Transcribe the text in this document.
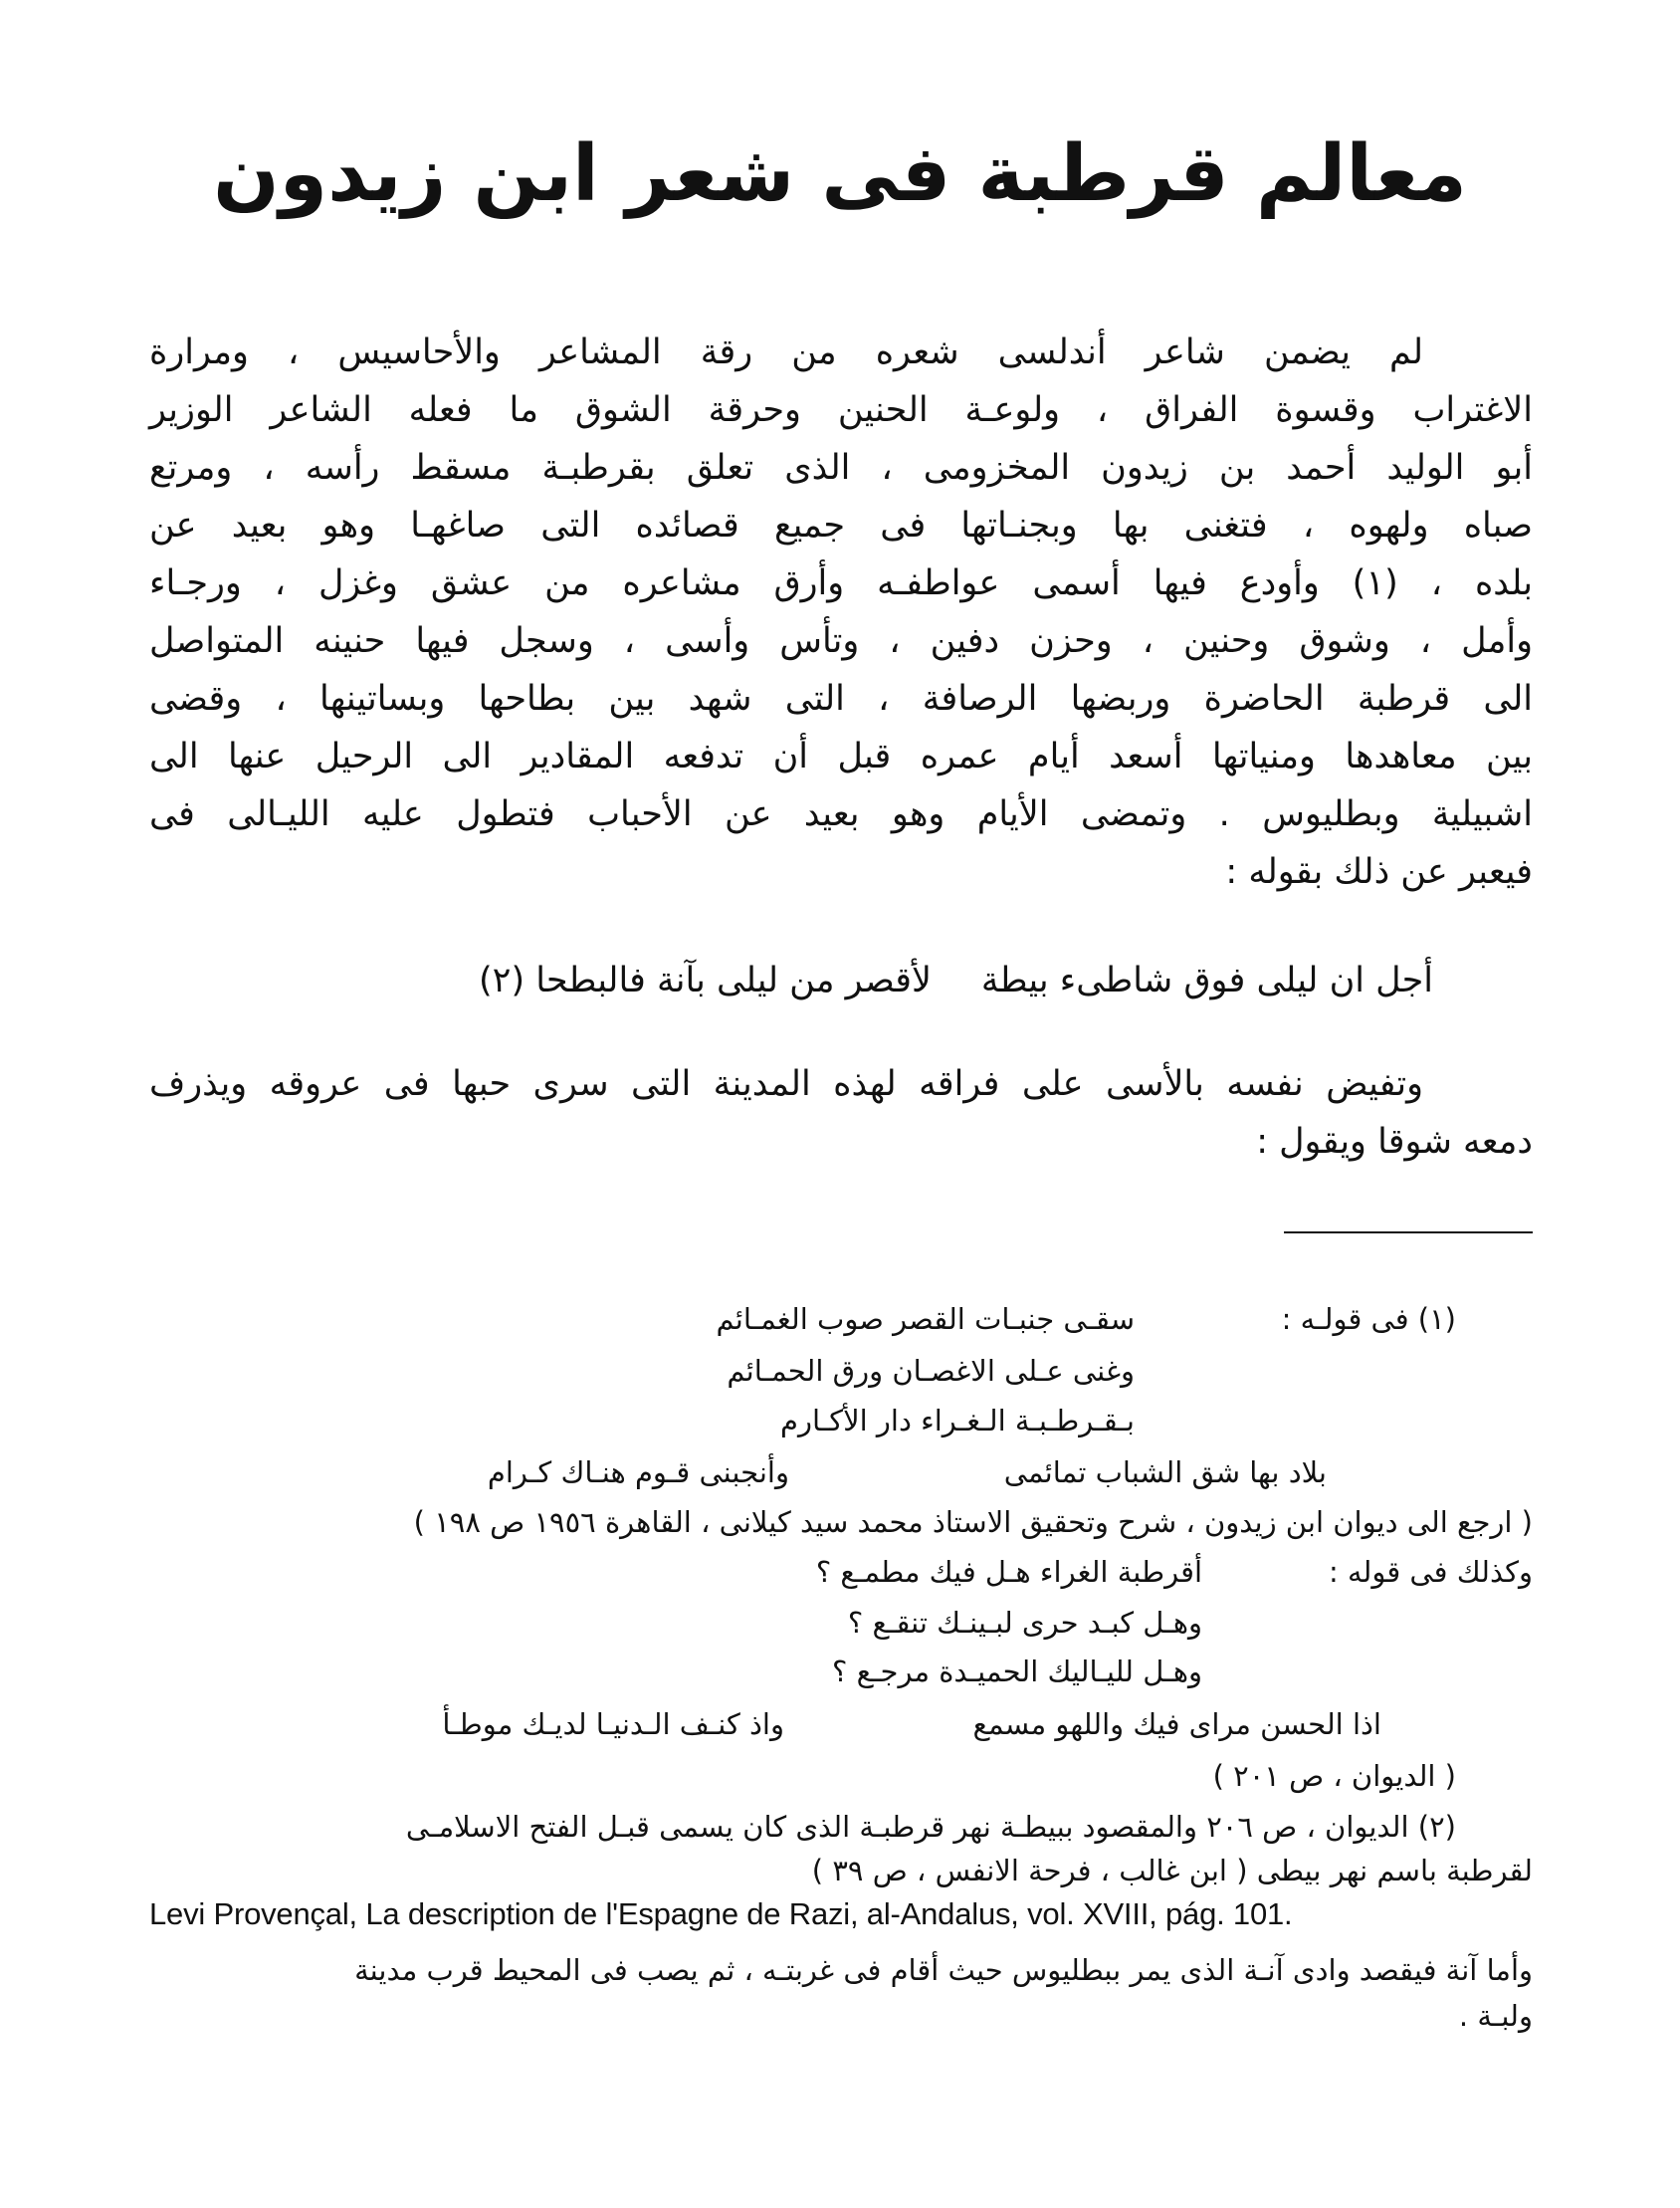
معالم قرطبة فى شعر ابن زيدون
لم يضمن شاعر أندلسى شعره من رقة المشاعر والأحاسيس ، ومرارة
الاغتراب وقسوة الفراق ، ولوعـة الحنين وحرقة الشوق ما فعله الشاعر الوزير
أبو الوليد أحمد بن زيدون المخزومى ، الذى تعلق بقرطبـة مسقط رأسه ، ومرتع
صباه ولهوه ، فتغنى بها وبجنـاتها فى جميع قصائده التى صاغهـا وهو بعيد عن
بلده ، (١) وأودع فيها أسمى عواطفـه وأرق مشاعره من عشق وغزل ، ورجـاء
وأمل ، وشوق وحنين ، وحزن دفين ، وتأس وأسى ، وسجل فيها حنينه المتواصل
الى قرطبة الحاضرة وربضها الرصافة ، التى شهد بين بطاحها وبساتينها ، وقضى
بين معاهدها ومنياتها أسعد أيام عمره قبل أن تدفعه المقادير الى الرحيل عنها الى
اشبيلية وبطليوس . وتمضى الأيام وهو بعيد عن الأحباب فتطول عليه الليـالى فى
فيعبر عن ذلك بقوله :
أجل ان ليلى فوق شاطىء بيطة
لأقصر من ليلى بآنة فالبطحا (٢)
وتفيض نفسه بالأسى على فراقه لهذه المدينة التى سرى حبها فى عروقه ويذرف
دمعه شوقا ويقول :
(١) فى قولـه :
سقـى جنبـات القصر صوب الغمـائم
وغنى عـلى الاغصـان ورق الحمـائم
بـقـرطـبـة الـغـراء دار الأكـارم
بلاد بها شق الشباب تمائمى
وأنجبنى قـوم هنـاك كـرام
( ارجع الى ديوان ابن زيدون ، شرح وتحقيق الاستاذ محمد سيد كيلانى ، القاهرة ١٩٥٦ ص ١٩٨ )
وكذلك فى قوله :
أقرطبة الغراء هـل فيك مطمـع ؟
وهـل كبـد حرى لبـينـك تنقـع ؟
وهـل لليـاليك الحميـدة مرجـع ؟
اذا الحسن مراى فيك واللهو مسمع
واذ كنـف الـدنيـا لديـك موطـأ
( الديوان ، ص ٢٠١ )
(٢) الديوان ، ص ٢٠٦ والمقصود ببيطـة نهر قرطبـة الذى كان يسمى قبـل الفتح الاسلامـى
لقرطبة باسم نهر بيطى ( ابن غالب ، فرحة الانفس ، ص ٣٩ )
Levi Provençal, La description de l'Espagne de Razi, al-Andalus, vol. XVIII, pág. 101.
وأما آنة فيقصد وادى آنـة الذى يمر ببطليوس حيث أقام فى غربتـه ، ثم يصب فى المحيط قرب مدينة
ولبـة .
